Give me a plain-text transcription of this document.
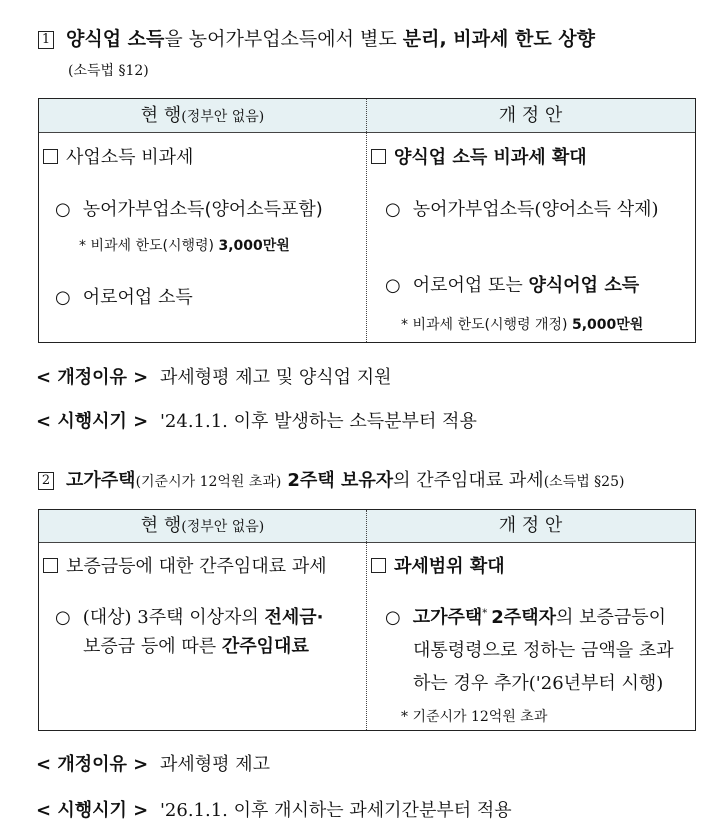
1 양식업 소득을 농어가부업소득에서 별도 분리, 비과세 한도 상향
(소득법 §12)
현 행(정부안 없음)	개 정 안
사업소득 비과세
○ 농어가부업소득(양어소득포함)
* 비과세 한도(시행령) 3,000만원
○ 어로어업 소득
양식업 소득 비과세 확대
○ 농어가부업소득(양어소득 삭제)
○ 어로어업 또는 양식어업 소득
* 비과세 한도(시행령 개정) 5,000만원
< 개정이유 > 과세형평 제고 및 양식업 지원
< 시행시기 > '24.1.1. 이후 발생하는 소득분부터 적용
2 고가주택(기준시가 12억원 초과) 2주택 보유자의 간주임대료 과세(소득법 §25)
현 행(정부안 없음)	개 정 안
보증금등에 대한 간주임대료 과세
○ (대상) 3주택 이상자의 전세금·
보증금 등에 따른 간주임대료
과세범위 확대
○ 고가주택* 2주택자의 보증금등이
대통령령으로 정하는 금액을 초과
하는 경우 추가('26년부터 시행)
* 기준시가 12억원 초과
< 개정이유 > 과세형평 제고
< 시행시기 > '26.1.1. 이후 개시하는 과세기간분부터 적용
